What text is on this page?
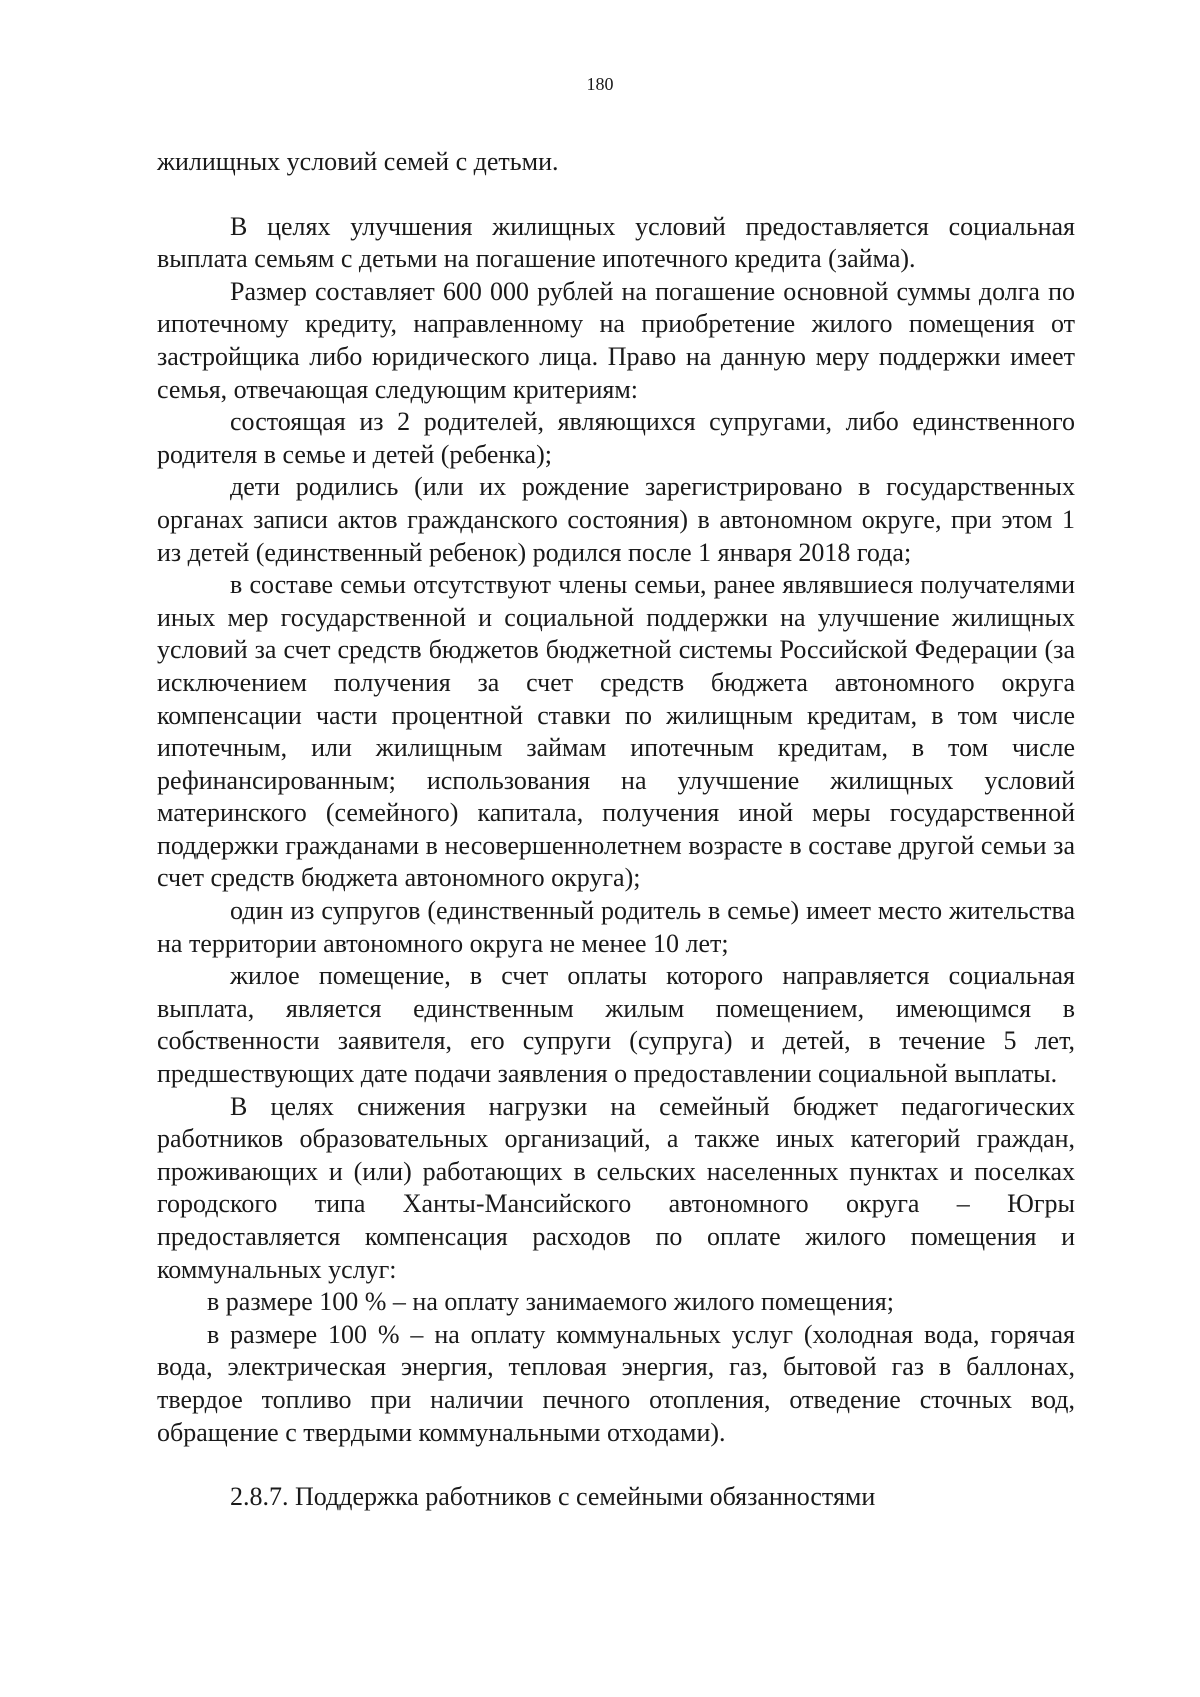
180

жилищных условий семей с детьми.

В целях улучшения жилищных условий предоставляется социальная выплата семьям с детьми на погашение ипотечного кредита (займа).

Размер составляет 600 000 рублей на погашение основной суммы долга по ипотечному кредиту, направленному на приобретение жилого помещения от застройщика либо юридического лица. Право на данную меру поддержки имеет семья, отвечающая следующим критериям:

состоящая из 2 родителей, являющихся супругами, либо единственного родителя в семье и детей (ребенка);

дети родились (или их рождение зарегистрировано в государственных органах записи актов гражданского состояния) в автономном округе, при этом 1 из детей (единственный ребенок) родился после 1 января 2018 года;

в составе семьи отсутствуют члены семьи, ранее являвшиеся получателями иных мер государственной и социальной поддержки на улучшение жилищных условий за счет средств бюджетов бюджетной системы Российской Федерации (за исключением получения за счет средств бюджета автономного округа компенсации части процентной ставки по жилищным кредитам, в том числе ипотечным, или жилищным займам ипотечным кредитам, в том числе рефинансированным; использования на улучшение жилищных условий материнского (семейного) капитала, получения иной меры государственной поддержки гражданами в несовершеннолетнем возрасте в составе другой семьи за счет средств бюджета автономного округа);

один из супругов (единственный родитель в семье) имеет место жительства на территории автономного округа не менее 10 лет;

жилое помещение, в счет оплаты которого направляется социальная выплата, является единственным жилым помещением, имеющимся в собственности заявителя, его супруги (супруга) и детей, в течение 5 лет, предшествующих дате подачи заявления о предоставлении социальной выплаты.

В целях снижения нагрузки на семейный бюджет педагогических работников образовательных организаций, а также иных категорий граждан, проживающих и (или) работающих в сельских населенных пунктах и поселках городского типа Ханты-Мансийского автономного округа – Югры предоставляется компенсация расходов по оплате жилого помещения и коммунальных услуг:

в размере 100 % – на оплату занимаемого жилого помещения;

в размере 100 % – на оплату коммунальных услуг (холодная вода, горячая вода, электрическая энергия, тепловая энергия, газ, бытовой газ в баллонах, твердое топливо при наличии печного отопления, отведение сточных вод, обращение с твердыми коммунальными отходами).

2.8.7. Поддержка работников с семейными обязанностями
